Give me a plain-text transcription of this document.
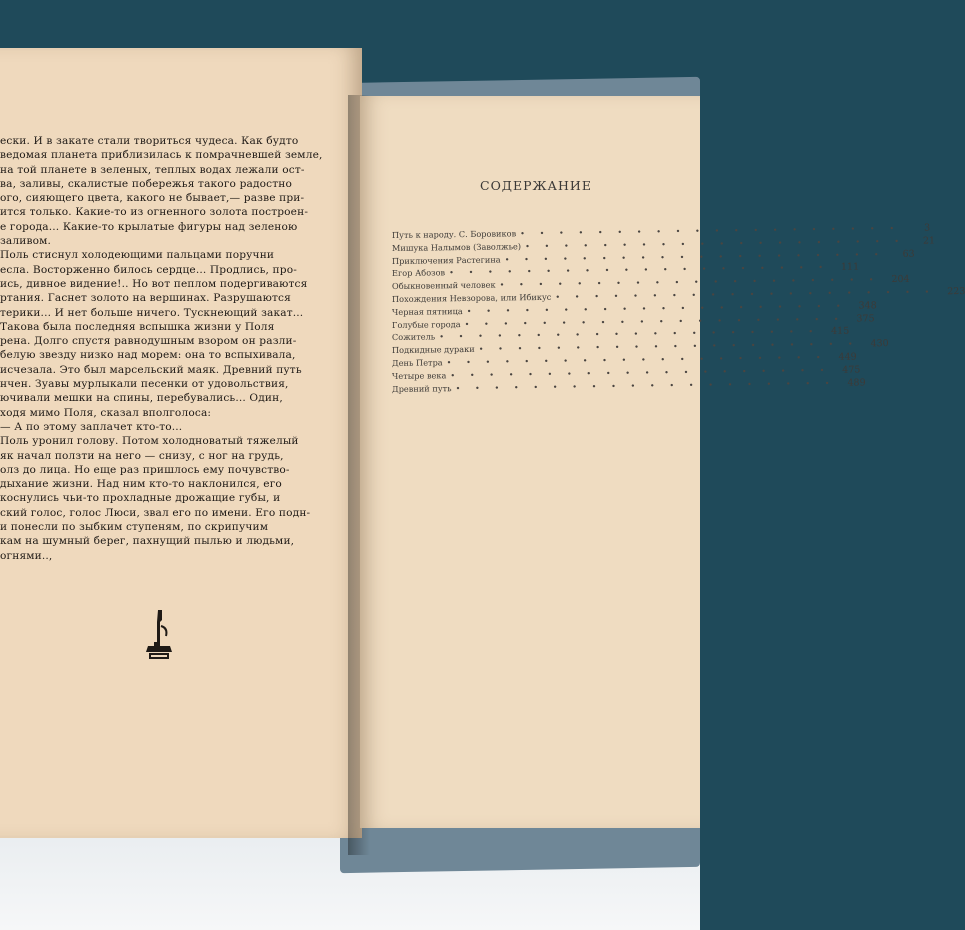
ески. И в закате стали твориться чудеса. Как будто

ведомая планета приблизилась к помрачневшей земле,

на той планете в зеленых, теплых водах лежали ост-

ва, заливы, скалистые побережья такого радостно

ого, сияющего цвета, какого не бывает,— разве при-

ится только. Какие-то из огненного золота построен-

е города... Какие-то крылатые фигуры над зеленою

заливом.

Поль стиснул холодеющими пальцами поручни

есла. Восторженно билось сердце... Продлись, про-

ись, дивное видение!.. Но вот пеплом подергиваются

ртания. Гаснет золото на вершинах. Разрушаются

терики... И нет больше ничего. Тускнеющий закат...

Такова была последняя вспышка жизни у Поля

рена. Долго спустя равнодушным взором он разли-

белую звезду низко над морем: она то вспыхивала,

исчезала. Это был марсельский маяк. Древний путь

нчен. Зуавы мурлыкали песенки от удовольствия,

ючивали мешки на спины, перебувались... Один,

ходя мимо Поля, сказал вполголоса:

— А по этому заплачет кто-то...

Поль уронил голову. Потом холодноватый тяжелый

як начал ползти на него — снизу, с ног на грудь,

олз до лица. Но еще раз пришлось ему почувство-

дыхание жизни. Над ним кто-то наклонился, его

коснулись чьи-то прохладные дрожащие губы, и

ский голос, голос Люси, звал его по имени. Его подн-

и понесли по зыбким ступеням, по скрипучим

кам на шумный берег, пахнущий пылью и людьми,

огнями..,

СОДЕРЖАНИЕ
Путь к народу. С. Боровиков • • • • • • • • • • • • • • • • • • • •	3
Мишука Налымов (Заволжье) • • • • • • • • • • • • • • • • • • • •	21
Приключения Растегина • • • • • • • • • • • • • • • • • • • •	63
Егор Абозов • • • • • • • • • • • • • • • • • • • •	111
Обыкновенный человек • • • • • • • • • • • • • • • • • • • •	204
Похождения Невзорова, или Ибикус • • • • • • • • • • • • • • • • • • • •	223
Черная пятница • • • • • • • • • • • • • • • • • • • •	348
Голубые города • • • • • • • • • • • • • • • • • • • •	375
Сожитель • • • • • • • • • • • • • • • • • • • •	415
Подкидные дураки • • • • • • • • • • • • • • • • • • • •	430
День Петра • • • • • • • • • • • • • • • • • • • •	449
Четыре века • • • • • • • • • • • • • • • • • • • •	475
Древний путь • • • • • • • • • • • • • • • • • • • •	489
